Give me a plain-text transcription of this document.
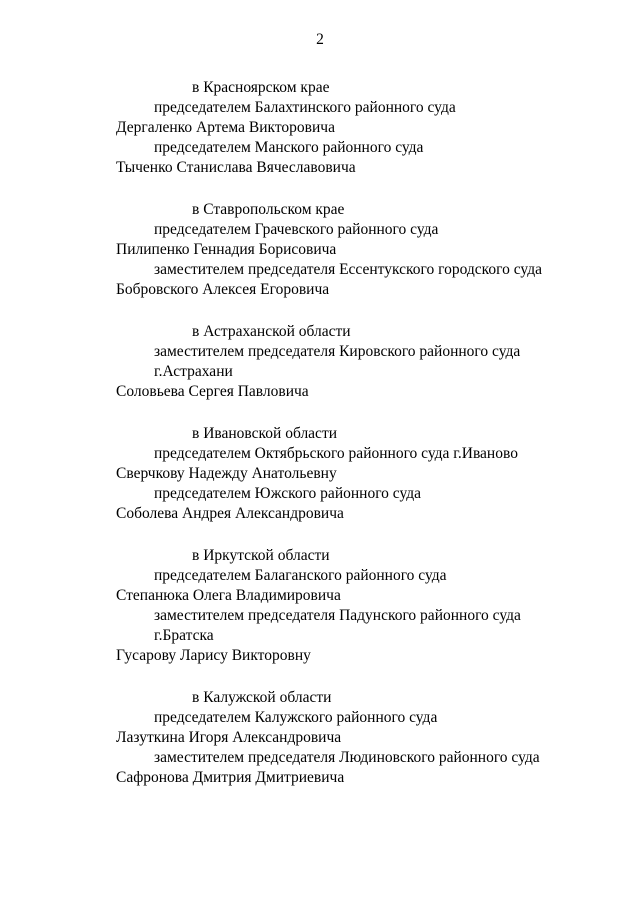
2
в Красноярском крае
председателем Балахтинского районного суда
Дергаленко Артема Викторовича
председателем Манского районного суда
Тыченко Станислава Вячеславовича
в Ставропольском крае
председателем Грачевского районного суда
Пилипенко Геннадия Борисовича
заместителем председателя Ессентукского городского суда
Бобровского Алексея Егоровича
в Астраханской области
заместителем председателя Кировского районного суда
г.Астрахани
Соловьева Сергея Павловича
в Ивановской области
председателем Октябрьского районного суда г.Иваново
Сверчкову Надежду Анатольевну
председателем Южского районного суда
Соболева Андрея Александровича
в Иркутской области
председателем Балаганского районного суда
Степанюка Олега Владимировича
заместителем председателя Падунского районного суда
г.Братска
Гусарову Ларису Викторовну
в Калужской области
председателем Калужского районного суда
Лазуткина Игоря Александровича
заместителем председателя Людиновского районного суда
Сафронова Дмитрия Дмитриевича
